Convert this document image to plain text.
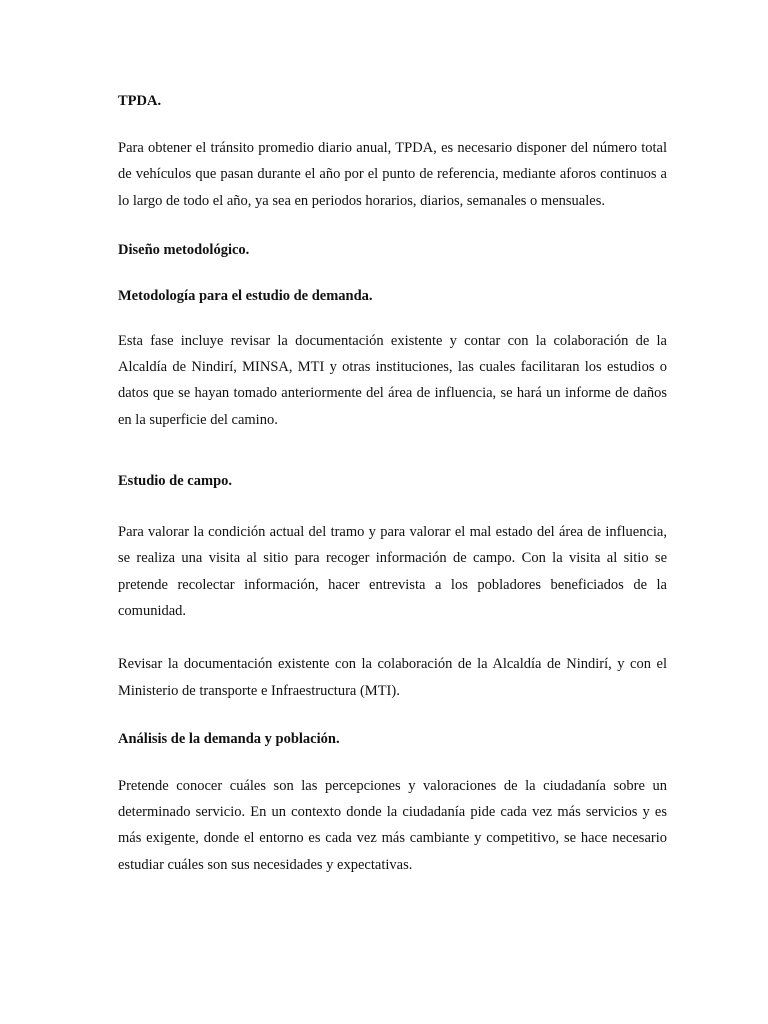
TPDA.

Para obtener el tránsito promedio diario anual, TPDA, es necesario disponer del número total de vehículos que pasan durante el año por el punto de referencia, mediante aforos continuos a lo largo de todo el año, ya sea en periodos horarios, diarios, semanales o mensuales.

Diseño metodológico.

Metodología para el estudio de demanda.

Esta fase incluye revisar la documentación existente y contar con la colaboración de la Alcaldía de Nindirí, MINSA, MTI y otras instituciones, las cuales facilitaran los estudios o datos que se hayan tomado anteriormente del área de influencia, se hará un informe de daños en la superficie del camino.

Estudio de campo.

Para valorar la condición actual del tramo y para valorar el mal estado del área de influencia, se realiza una visita al sitio para recoger información de campo. Con la visita al sitio se pretende recolectar información, hacer entrevista a los pobladores beneficiados de la comunidad.

Revisar la documentación existente con la colaboración de la Alcaldía de Nindirí, y con el Ministerio de transporte e Infraestructura (MTI).

Análisis de la demanda y población.

Pretende conocer cuáles son las percepciones y valoraciones de la ciudadanía sobre un determinado servicio. En un contexto donde la ciudadanía pide cada vez más servicios y es más exigente, donde el entorno es cada vez más cambiante y competitivo, se hace necesario estudiar cuáles son sus necesidades y expectativas.
